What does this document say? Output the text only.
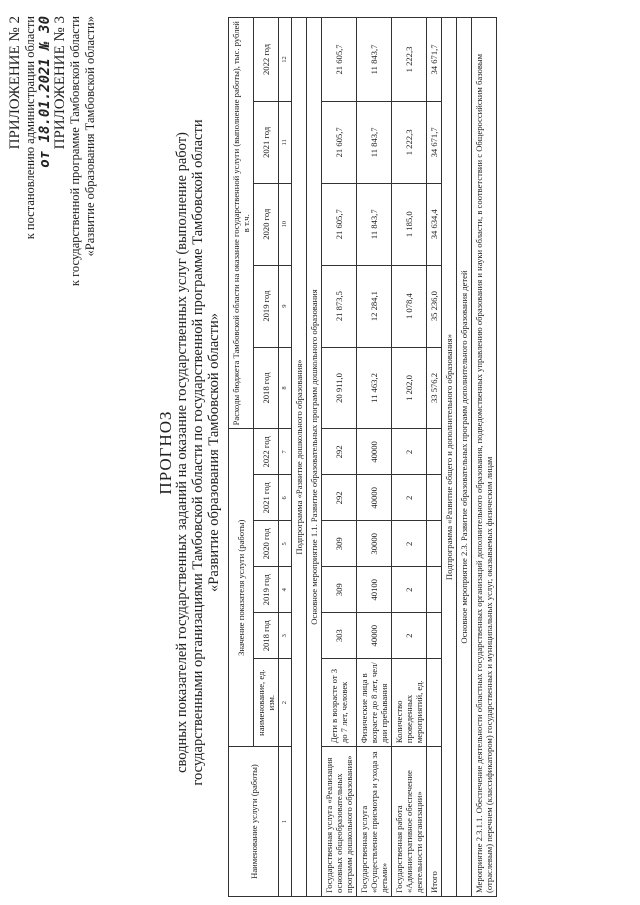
ПРИЛОЖЕНИЕ № 2 к постановлению администрации области от 18.01.2021 № 30 ПРИЛОЖЕНИЕ № 3 к государственной программе Тамбовской области «Развитие образования Тамбовской области»
ПРОГНОЗ сводных показателей государственных заданий на оказание государственных услуг (выполнение работ) государственными организациями Тамбовской области по государственной программе Тамбовской области «Развитие образования Тамбовской области»
Наименование услуги (работы)	Значение показателя услуги (работы)						Расходы бюджета Тамбовской области на оказание государственной услуги (выполнение работы), тыс. рублей в т.ч.				
	наименование, ед. изм.	2018 год	2019 год	2020 год	2021 год	2022 год	2018 год	2019 год	2020 год	2021 год	2022 год
1	2	3	4	5	6	7	8	9	10	11	12
Подпрограмма «Развитие дошкольного образования»											
Основное мероприятие 1.1. Развитие образовательных программ дошкольного образования											
Государственная услуга «Реализация основных общеобразовательных программ дошкольного образования»	Дети в возрасте от 3 до 7 лет, человек	303	309	309	292	292	20 911,0	21 873,5	21 605,7	21 605,7	21 605,7
Государственная услуга «Осуществление присмотра и ухода за детьми»	Физические лица в возрасте до 8 лет, чел/дни пребывания	40000	40100	30000	40000	40000	11 463,2	12 284,1	11 843,7	11 843,7	11 843,7
Государственная работа «Административное обеспечение деятельности организации»	Количество проведенных мероприятий, ед.	2	2	2	2	2	1 202,0	1 078,4	1 185,0	1 222,3	1 222,3
Итого							33 576,2	35 236,0	34 634,4	34 671,7	34 671,7
Подпрограмма «Развитие общего и дополнительного образования»											
Основное мероприятие 2.3. Развитие образовательных программ дополнительного образования детей											
Мероприятие 2.3.1.1. Обеспечение деятельности областных государственных организаций дополнительного образования, подведомственных управлению образования и науки области, в соответствии с Общероссийским базовым (отраслевым) перечнем (классификатором) государственных и муниципальных услуг, оказываемых физическим лицам											
